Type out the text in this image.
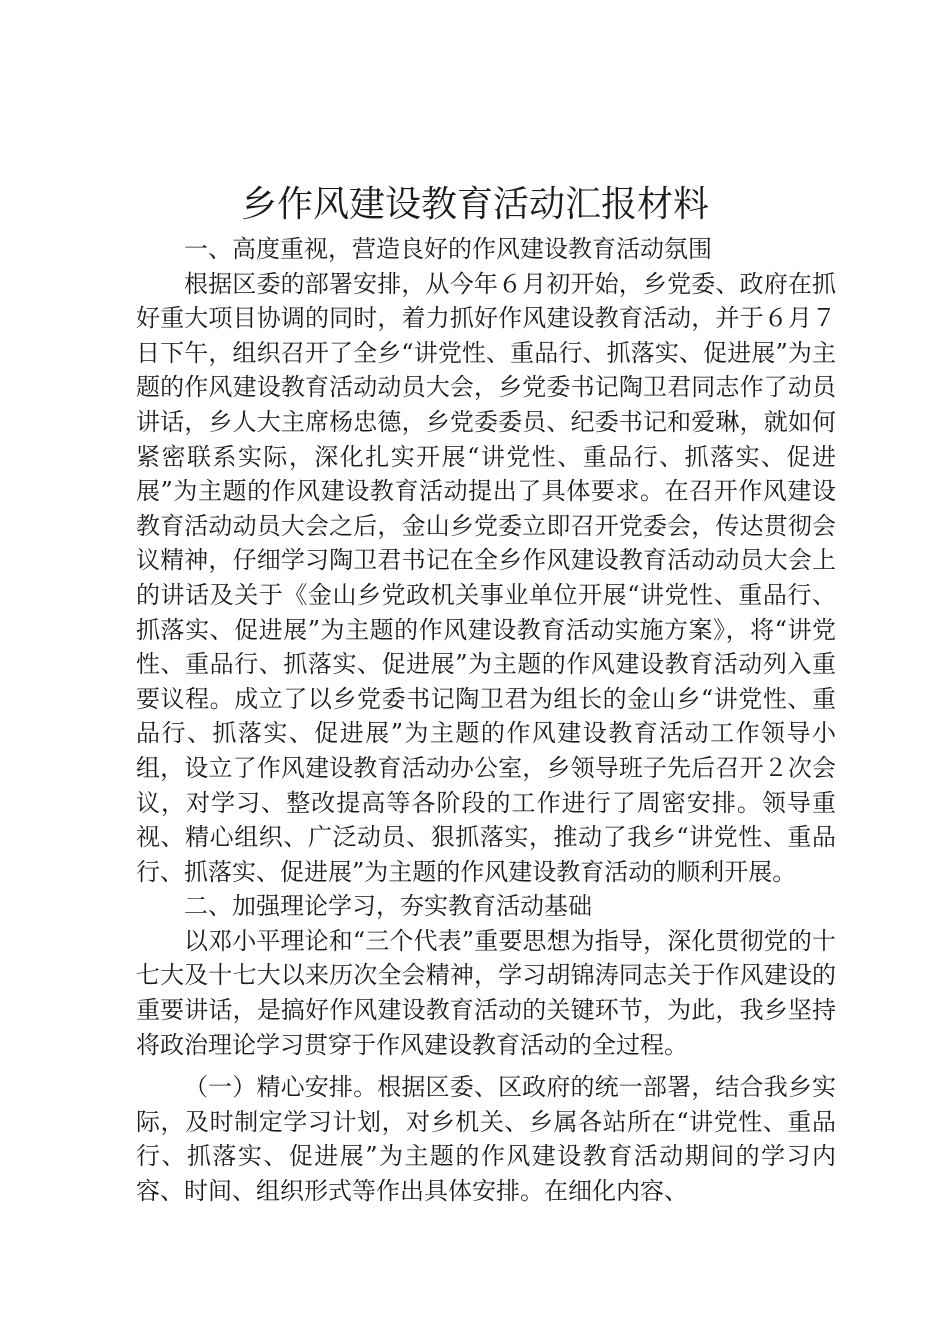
乡作风建设教育活动汇报材料

一、高度重视，营造良好的作风建设教育活动氛围

根据区委的部署安排，从今年６月初开始，乡党委、政府在抓好重大项目协调的同时，着力抓好作风建设教育活动，并于６月７日下午，组织召开了全乡“讲党性、重品行、抓落实、促进展”为主题的作风建设教育活动动员大会，乡党委书记陶卫君同志作了动员讲话，乡人大主席杨忠德，乡党委委员、纪委书记和爱琳，就如何紧密联系实际，深化扎实开展“讲党性、重品行、抓落实、促进展”为主题的作风建设教育活动提出了具体要求。在召开作风建设教育活动动员大会之后，金山乡党委立即召开党委会，传达贯彻会议精神，仔细学习陶卫君书记在全乡作风建设教育活动动员大会上的讲话及关于《金山乡党政机关事业单位开展“讲党性、重品行、抓落实、促进展”为主题的作风建设教育活动实施方案》，将“讲党性、重品行、抓落实、促进展”为主题的作风建设教育活动列入重要议程。成立了以乡党委书记陶卫君为组长的金山乡“讲党性、重品行、抓落实、促进展”为主题的作风建设教育活动工作领导小组，设立了作风建设教育活动办公室，乡领导班子先后召开２次会议，对学习、整改提高等各阶段的工作进行了周密安排。领导重视、精心组织、广泛动员、狠抓落实，推动了我乡“讲党性、重品行、抓落实、促进展”为主题的作风建设教育活动的顺利开展。

二、加强理论学习，夯实教育活动基础

以邓小平理论和“三个代表”重要思想为指导，深化贯彻党的十七大及十七大以来历次全会精神，学习胡锦涛同志关于作风建设的重要讲话，是搞好作风建设教育活动的关键环节，为此，我乡坚持将政治理论学习贯穿于作风建设教育活动的全过程。

（一）精心安排。根据区委、区政府的统一部署，结合我乡实际，及时制定学习计划，对乡机关、乡属各站所在“讲党性、重品行、抓落实、促进展”为主题的作风建设教育活动期间的学习内容、时间、组织形式等作出具体安排。在细化内容、
